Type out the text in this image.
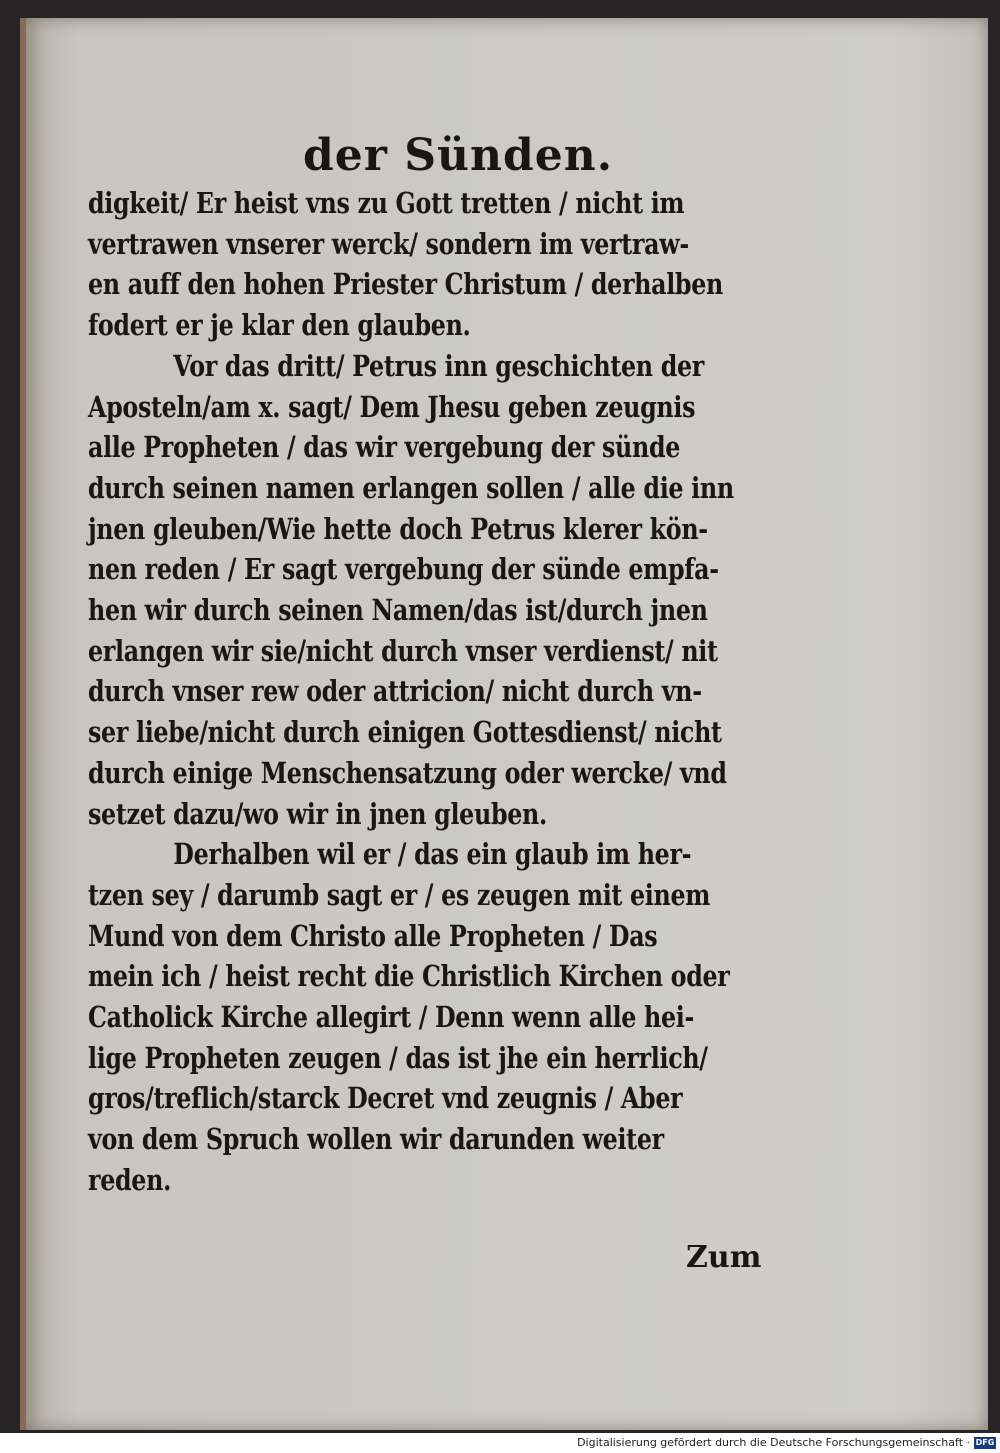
der Sünden.
digkeit/ Er heist vns zu Gott tretten / nicht im
vertrawen vnserer werck/ sondern im vertraw-
en auff den hohen Priester Christum / derhalben
fodert er je klar den glauben.
Vor das dritt/ Petrus inn geschichten der
Aposteln/am x. sagt/ Dem Jhesu geben zeugnis
alle Propheten / das wir vergebung der sünde
durch seinen namen erlangen sollen / alle die inn
jnen gleuben/Wie hette doch Petrus klerer kön-
nen reden / Er sagt vergebung der sünde empfa-
hen wir durch seinen Namen/das ist/durch jnen
erlangen wir sie/nicht durch vnser verdienst/ nit
durch vnser rew oder attricion/ nicht durch vn-
ser liebe/nicht durch einigen Gottesdienst/ nicht
durch einige Menschensatzung oder wercke/ vnd
setzet dazu/wo wir in jnen gleuben.
Derhalben wil er / das ein glaub im her-
tzen sey / darumb sagt er / es zeugen mit einem
Mund von dem Christo alle Propheten / Das
mein ich / heist recht die Christlich Kirchen oder
Catholick Kirche allegirt / Denn wenn alle hei-
lige Propheten zeugen / das ist jhe ein herrlich/
gros/treflich/starck Decret vnd zeugnis / Aber
von dem Spruch wollen wir darunden weiter
reden.
Zum
Digitalisierung gefördert durch die Deutsche Forschungsgemeinschaft · DFG
